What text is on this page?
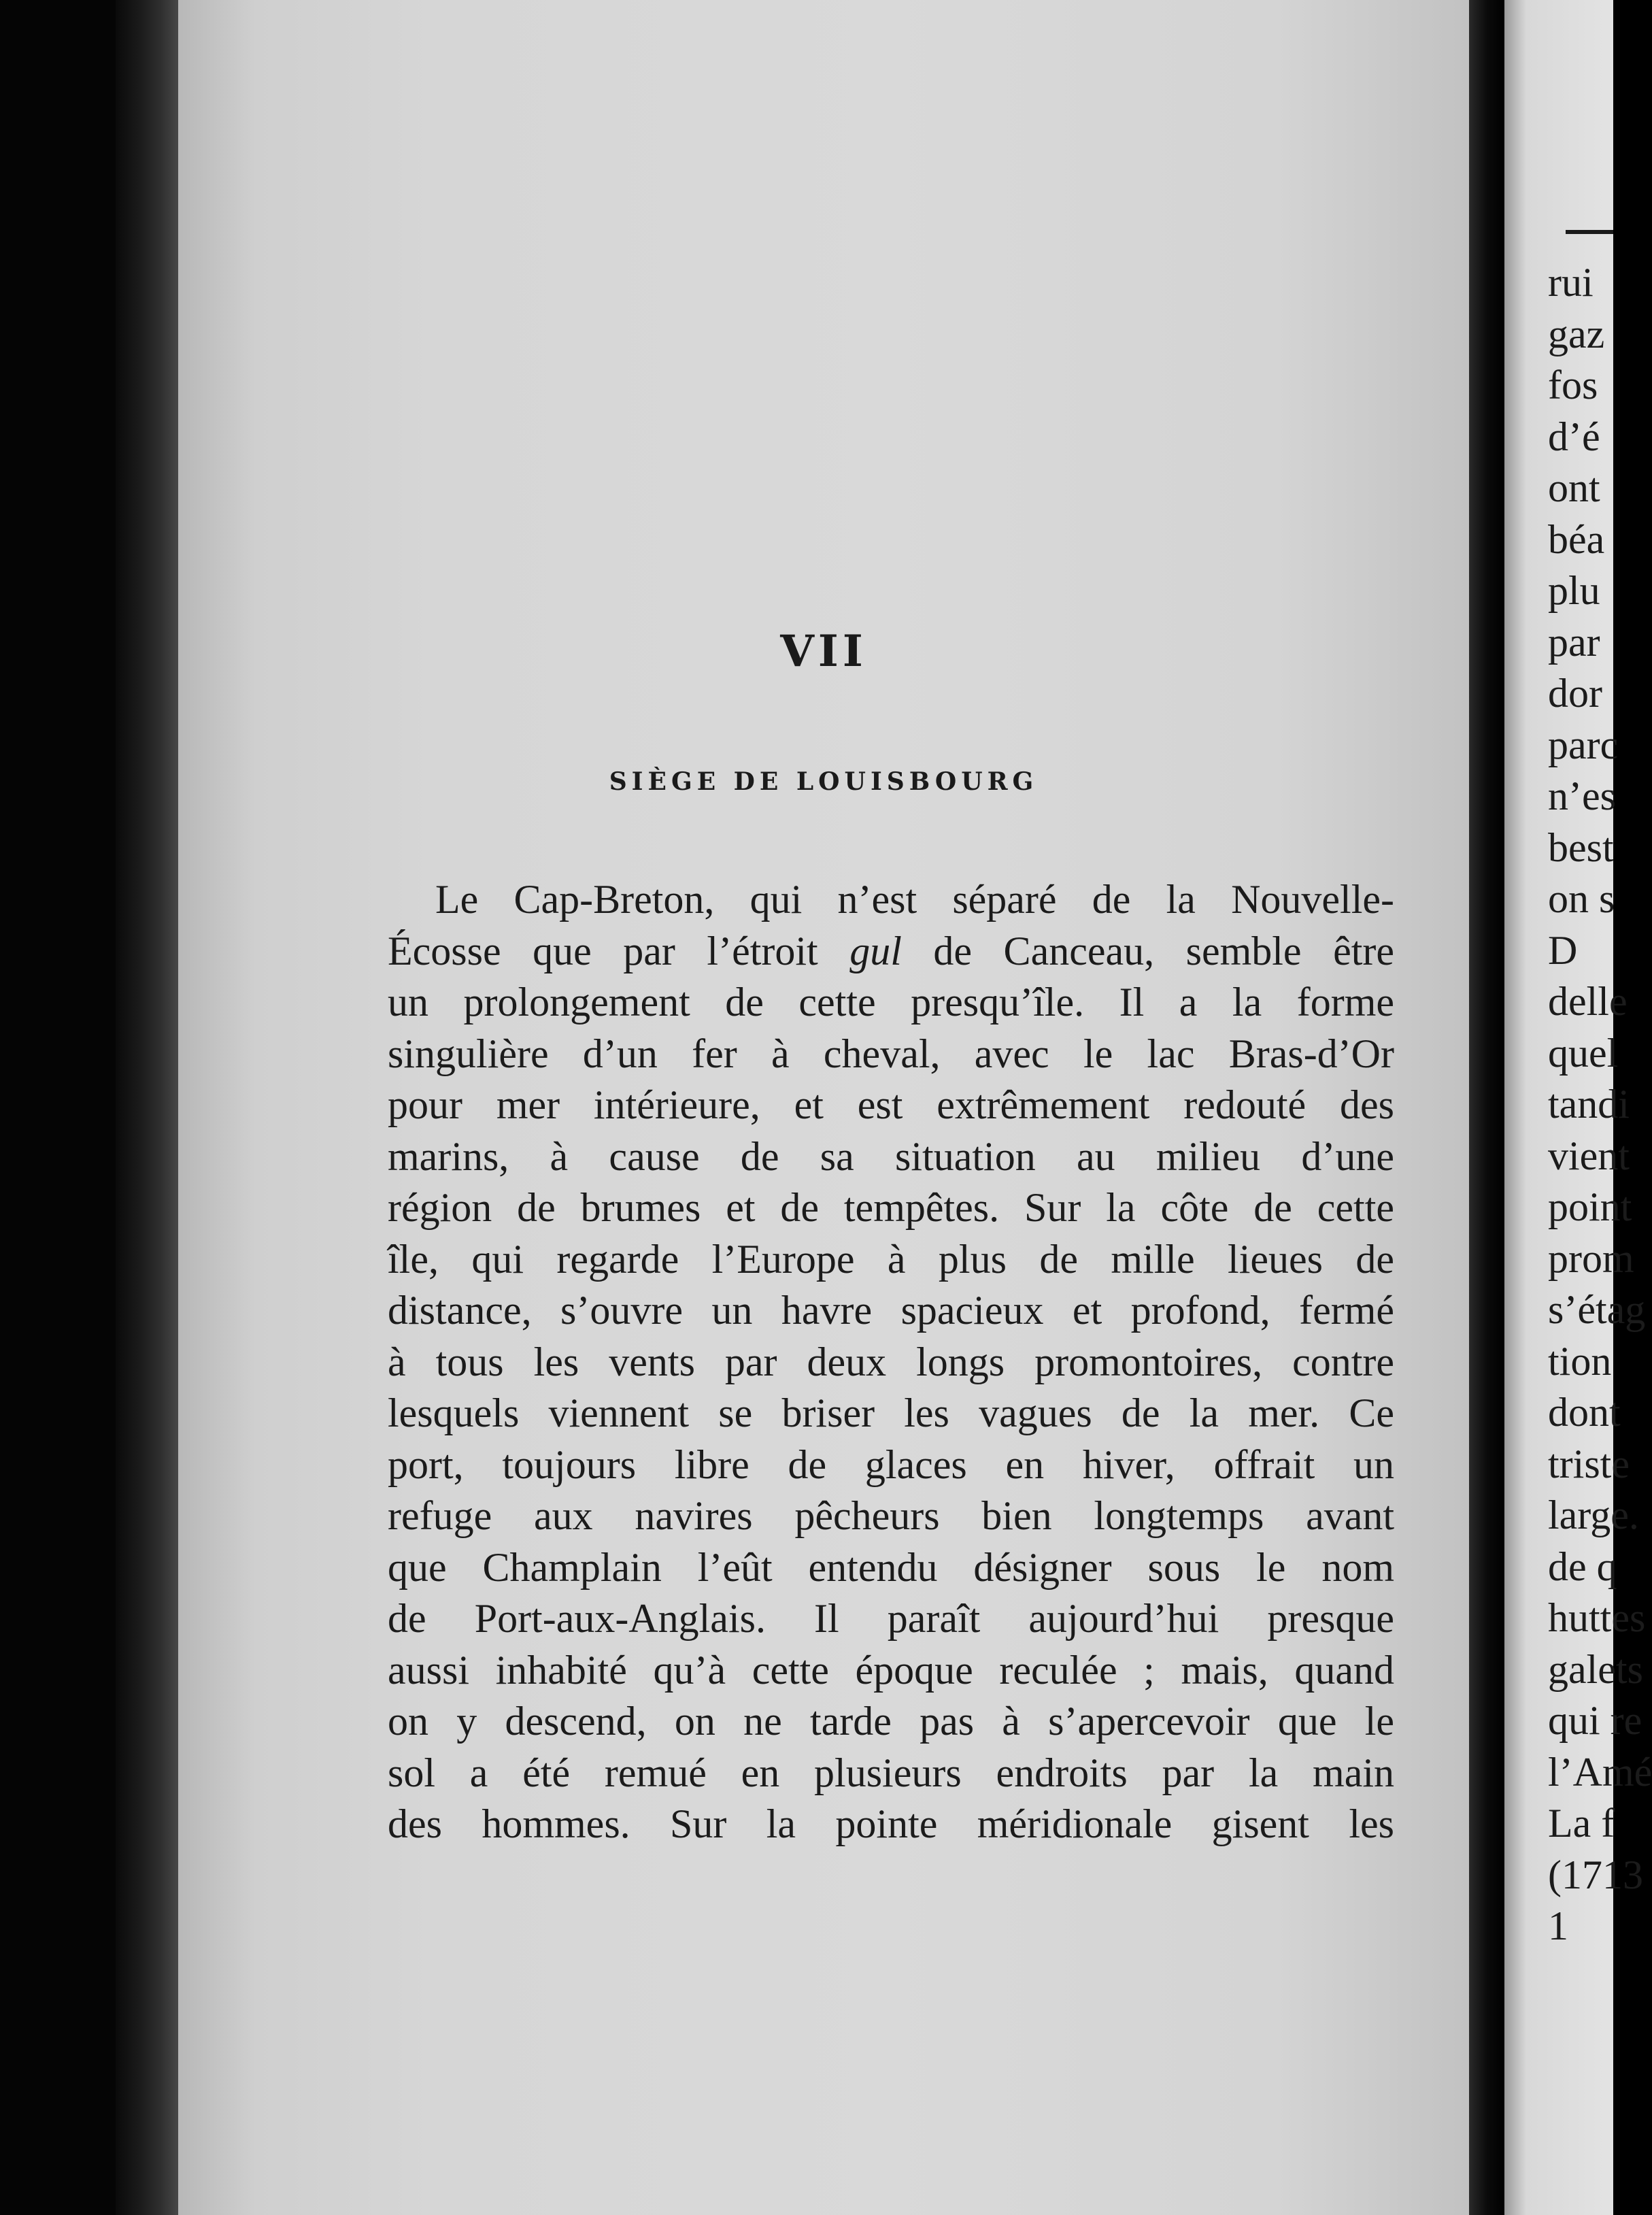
VII
SIÈGE DE LOUISBOURG
Le Cap-Breton, qui n’est séparé de la Nouvelle-
Écosse que par l’étroit gul de Canceau, semble être
un prolongement de cette presqu’île. Il a la forme
singulière d’un fer à cheval, avec le lac Bras-d’Or
pour mer intérieure, et est extrêmement redouté des
marins, à cause de sa situation au milieu d’une
région de brumes et de tempêtes. Sur la côte de cette
île, qui regarde l’Europe à plus de mille lieues de
distance, s’ouvre un havre spacieux et profond, fermé
à tous les vents par deux longs promontoires, contre
lesquels viennent se briser les vagues de la mer. Ce
port, toujours libre de glaces en hiver, offrait un
refuge aux navires pêcheurs bien longtemps avant
que Champlain l’eût entendu désigner sous le nom
de Port-aux-Anglais. Il paraît aujourd’hui presque
aussi inhabité qu’à cette époque reculée ; mais, quand
on y descend, on ne tarde pas à s’apercevoir que le
sol a été remué en plusieurs endroits par la main
des hommes. Sur la pointe méridionale gisent les
rui
gaz
fos
d’é
ont
béa
plu
par
dor
parc
n’es
best
on s
D
delle
quel
tandi
vient
point
prom
s’étag
tion
dont
triste
large.
de q
huttes
galets
qui re
l’Amé
La f
(1713
1
